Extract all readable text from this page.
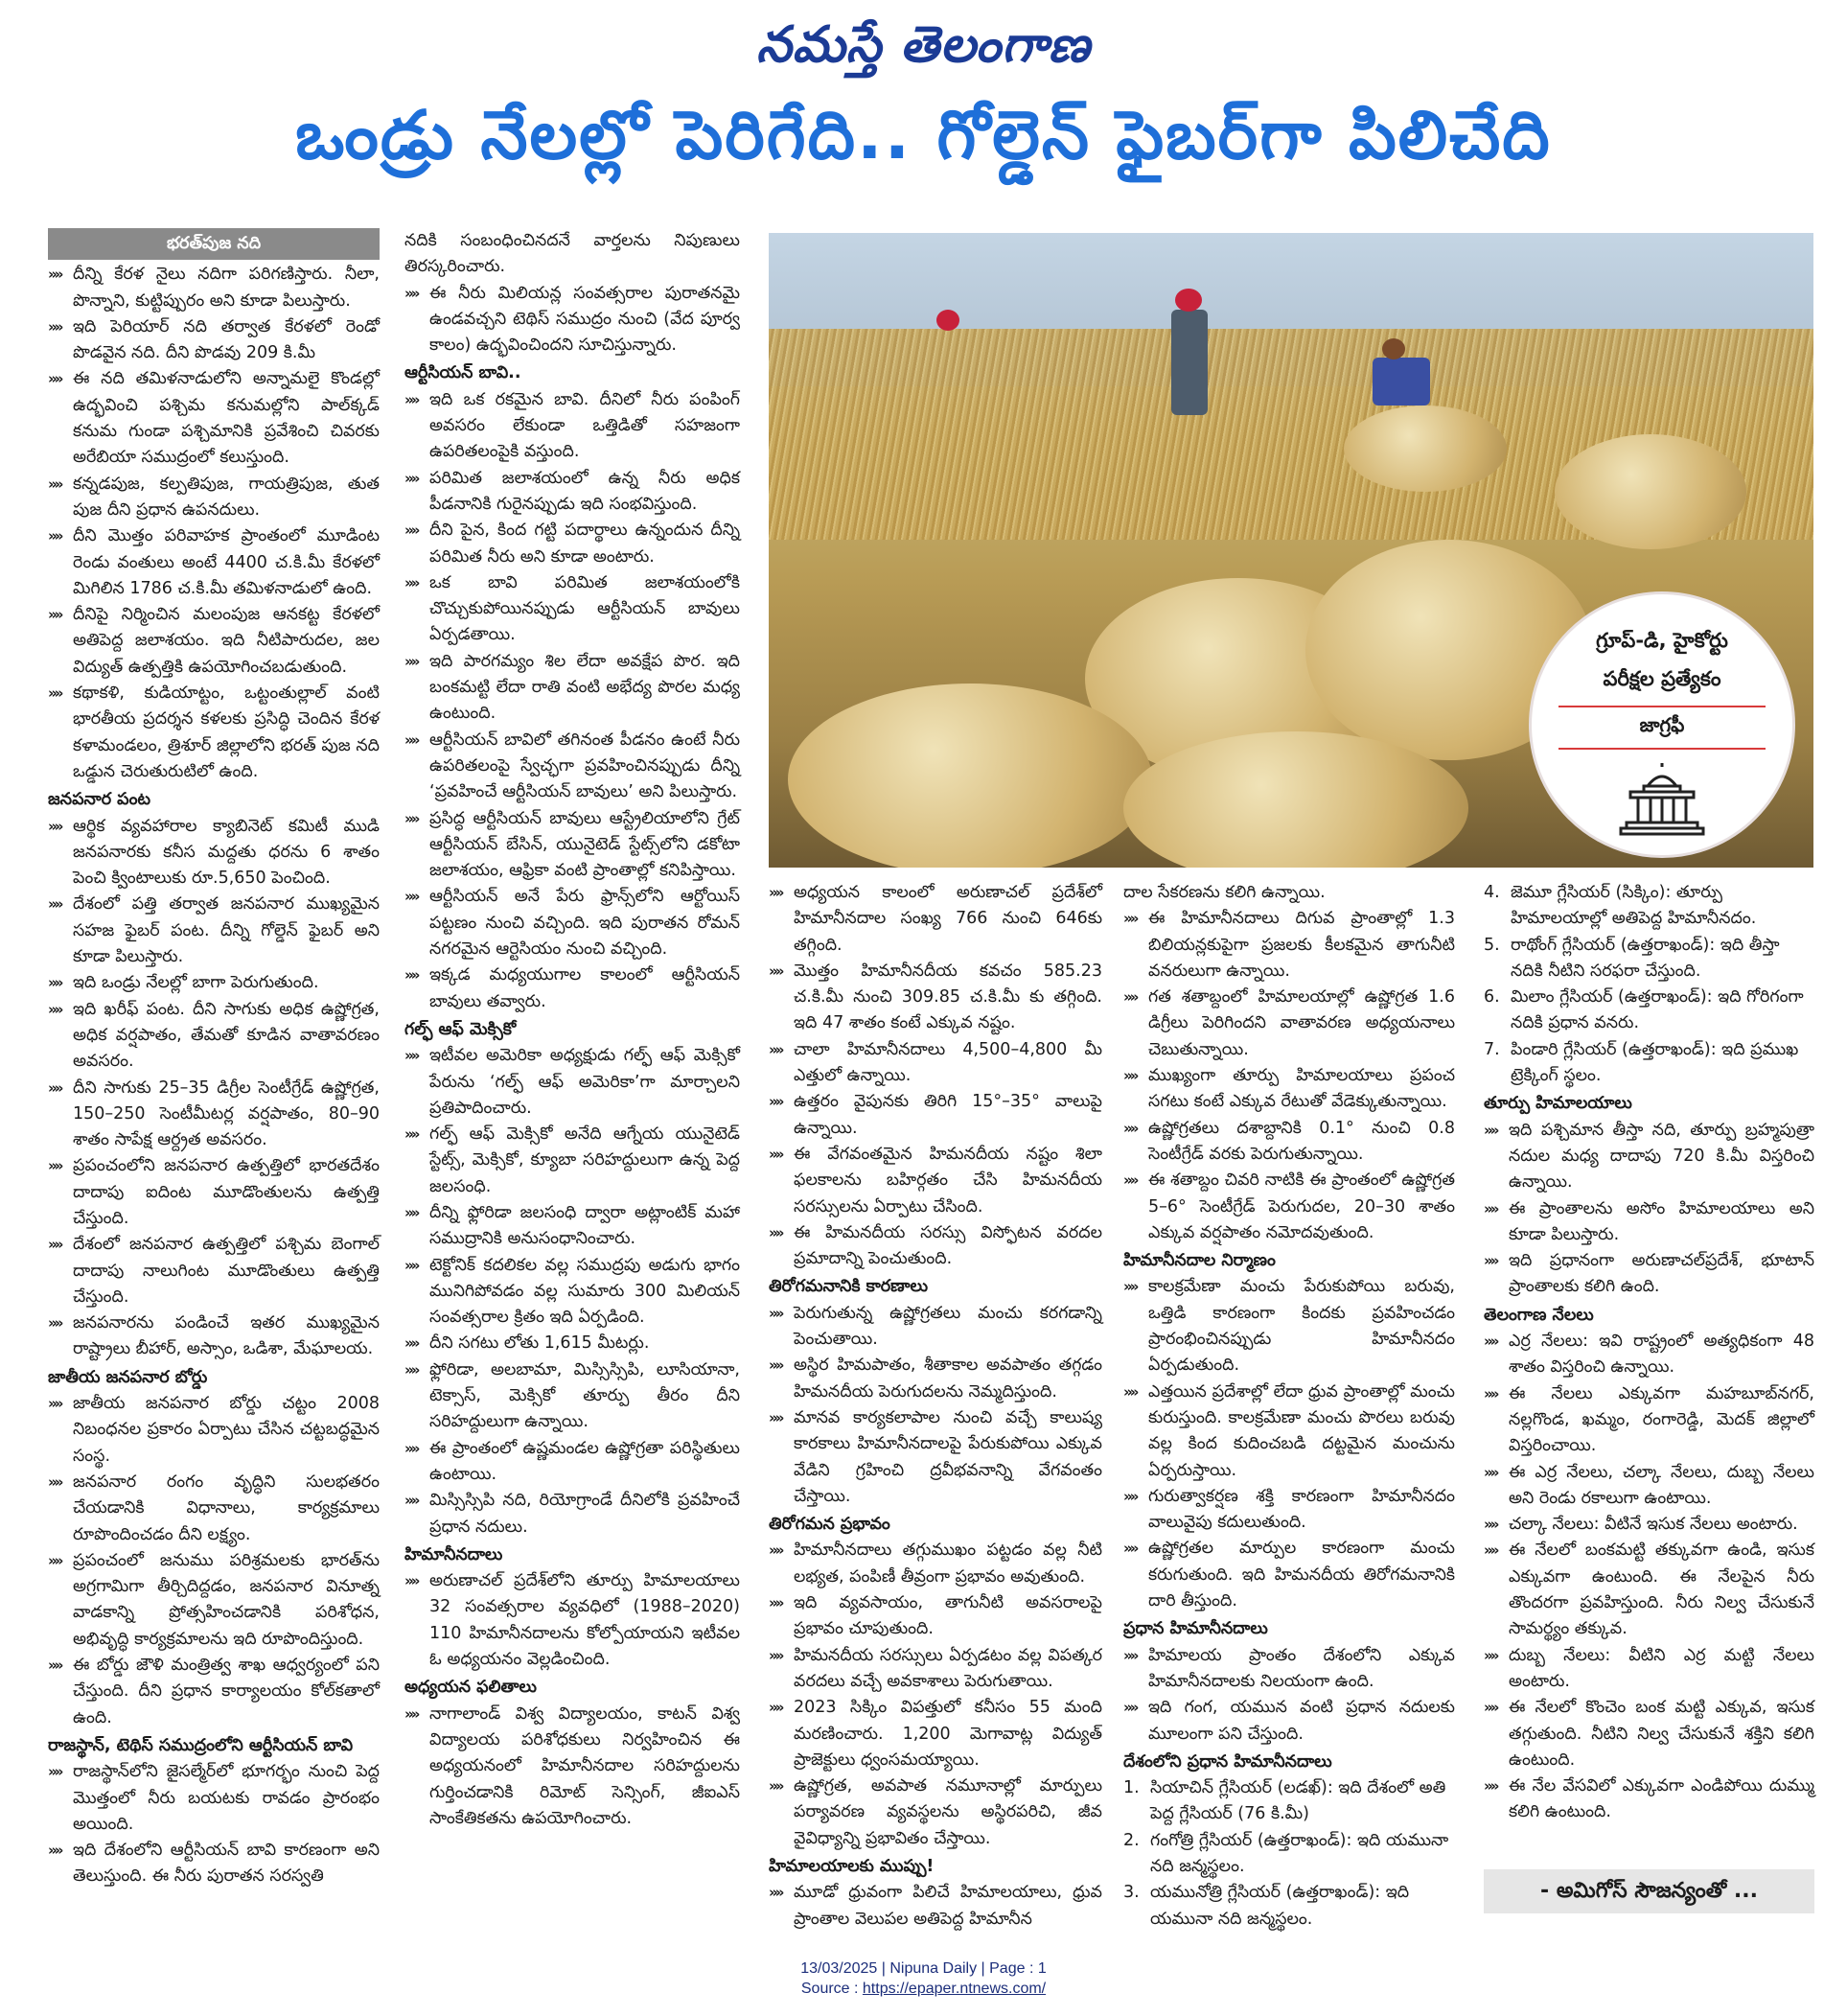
నమస్తే తెలంగాణ
ఒండ్రు నేలల్లో పెరిగేది.. గోల్డెన్ ఫైబర్‌గా పిలిచేది

భరత్‌పుజ నది

»» దీన్ని కేరళ నైలు నదిగా పరిగణిస్తారు. నీలా, పొన్నాని, కుట్టిప్పురం అని కూడా పిలుస్తారు.

»» ఇది పెరియార్ నది తర్వాత కేరళలో రెండో పొడవైన నది. దీని పొడవు 209 కి.మీ

»» ఈ నది తమిళనాడులోని అన్నామలై కొండల్లో ఉద్భవించి పశ్చిమ కనుమల్లోని పాల్‌క్కడ్ కనుమ గుండా పశ్చిమానికి ప్రవేశించి చివరకు అరేబియా సముద్రంలో కలుస్తుంది.

»» కన్నడపుజ, కల్పతిపుజ, గాయత్రిపుజ, తుత పుజ దీని ప్రధాన ఉపనదులు.

»» దీని మొత్తం పరివాహక ప్రాంతంలో మూడింట రెండు వంతులు అంటే 4400 చ.కి.మీ కేరళలో మిగిలిన 1786 చ.కి.మీ తమిళనాడులో ఉంది.

»» దీనిపై నిర్మించిన మలంపుజ ఆనకట్ట కేరళలో అతిపెద్ద జలాశయం. ఇది నీటిపారుదల, జల విద్యుత్ ఉత్పత్తికి ఉపయోగించబడుతుంది.

»» కథాకళి, కుడియాట్టం, ఒట్టంతుల్లాల్ వంటి భారతీయ ప్రదర్శన కళలకు ప్రసిద్ధి చెందిన కేరళ కళామండలం, త్రిశూర్ జిల్లాలోని భరత్ పుజ నది ఒడ్డున చెరుతురుటిలో ఉంది.

జనపనార పంట

»» ఆర్థిక వ్యవహారాల క్యాబినెట్ కమిటీ ముడి జనపనారకు కనీస మద్దతు ధరను 6 శాతం పెంచి క్వింటాలుకు రూ.5,650 పెంచింది.

»» దేశంలో పత్తి తర్వాత జనపనార ముఖ్యమైన సహజ ఫైబర్ పంట. దీన్ని గోల్డెన్ ఫైబర్ అని కూడా పిలుస్తారు.

»» ఇది ఒండ్రు నేలల్లో బాగా పెరుగుతుంది.

»» ఇది ఖరీఫ్ పంట. దీని సాగుకు అధిక ఉష్ణోగ్రత, అధిక వర్షపాతం, తేమతో కూడిన వాతావరణం అవసరం.

»» దీని సాగుకు 25–35 డిగ్రీల సెంటీగ్రేడ్ ఉష్ణోగ్రత, 150–250 సెంటీమీటర్ల వర్షపాతం, 80–90 శాతం సాపేక్ష ఆర్ద్రత అవసరం.

»» ప్రపంచంలోని జనపనార ఉత్పత్తిలో భారతదేశం దాదాపు ఐదింట మూడొంతులను ఉత్పత్తి చేస్తుంది.

»» దేశంలో జనపనార ఉత్పత్తిలో పశ్చిమ బెంగాల్ దాదాపు నాలుగింట మూడొంతులు ఉత్పత్తి చేస్తుంది.

»» జనపనారను పండించే ఇతర ముఖ్యమైన రాష్ట్రాలు బీహార్, అస్సాం, ఒడిశా, మేఘాలయ.

జాతీయ జనపనార బోర్డు

»» జాతీయ జనపనార బోర్డు చట్టం 2008 నిబంధనల ప్రకారం ఏర్పాటు చేసిన చట్టబద్ధమైన సంస్థ.

»» జనపనార రంగం వృద్ధిని సులభతరం చేయడానికి విధానాలు, కార్యక్రమాలు రూపొందించడం దీని లక్ష్యం.

»» ప్రపంచంలో జనుము పరిశ్రమలకు భారత్‌ను అగ్రగామిగా తీర్చిదిద్దడం, జనపనార వినూత్న వాడకాన్ని ప్రోత్సహించడానికి పరిశోధన, అభివృద్ధి కార్యక్రమాలను ఇది రూపొందిస్తుంది.

»» ఈ బోర్డు జౌళి మంత్రిత్వ శాఖ ఆధ్వర్యంలో పని చేస్తుంది. దీని ప్రధాన కార్యాలయం కోల్‌కతాలో ఉంది.

రాజస్థాన్, టెథిస్ సముద్రంలోని ఆర్టీసియన్ బావి

»» రాజస్థాన్‌లోని జైసల్మేర్‌లో భూగర్భం నుంచి పెద్ద మొత్తంలో నీరు బయటకు రావడం ప్రారంభం అయింది.

»» ఇది దేశంలోని ఆర్టీసియన్ బావి కారణంగా అని తెలుస్తుంది. ఈ నీరు పురాతన సరస్వతి

నదికి సంబంధించినదనే వార్తలను నిపుణులు తిరస్కరించారు.

»» ఈ నీరు మిలియన్ల సంవత్సరాల పురాతనమై ఉండవచ్చని టెథిస్ సముద్రం నుంచి (వేద పూర్వ కాలం) ఉద్భవించిందని సూచిస్తున్నారు.

ఆర్టీసియన్ బావి..

»» ఇది ఒక రకమైన బావి. దీనిలో నీరు పంపింగ్ అవసరం లేకుండా ఒత్తిడితో సహజంగా ఉపరితలంపైకి వస్తుంది.

»» పరిమిత జలాశయంలో ఉన్న నీరు అధిక పీడనానికి గురైనప్పుడు ఇది సంభవిస్తుంది.

»» దీని పైన, కింద గట్టి పదార్థాలు ఉన్నందున దీన్ని పరిమిత నీరు అని కూడా అంటారు.

»» ఒక బావి పరిమిత జలాశయంలోకి చొచ్చుకుపోయినప్పుడు ఆర్టీసియన్ బావులు ఏర్పడతాయి.

»» ఇది పారగమ్యం శిల లేదా అవక్షేప పొర. ఇది బంకమట్టి లేదా రాతి వంటి అభేద్య పొరల మధ్య ఉంటుంది.

»» ఆర్టీసియన్ బావిలో తగినంత పీడనం ఉంటే నీరు ఉపరితలంపై స్వేచ్ఛగా ప్రవహించినప్పుడు దీన్ని ‘ప్రవహించే ఆర్టీసియన్ బావులు’ అని పిలుస్తారు.

»» ప్రసిద్ధ ఆర్టీసియన్ బావులు ఆస్ట్రేలియాలోని గ్రేట్ ఆర్టీసియన్ బేసిన్, యునైటెడ్ స్టేట్స్‌లోని డకోటా జలాశయం, ఆఫ్రికా వంటి ప్రాంతాల్లో కనిపిస్తాయి.

»» ఆర్టీసియన్ అనే పేరు ఫ్రాన్స్‌లోని ఆర్టోయిస్ పట్టణం నుంచి వచ్చింది. ఇది పురాతన రోమన్ నగరమైన ఆర్టెసియం నుంచి వచ్చింది.

»» ఇక్కడ మధ్యయుగాల కాలంలో ఆర్టీసియన్ బావులు తవ్వారు.

గల్ఫ్ ఆఫ్ మెక్సికో

»» ఇటీవల అమెరికా అధ్యక్షుడు గల్ఫ్ ఆఫ్ మెక్సికో పేరును ‘గల్ఫ్ ఆఫ్ అమెరికా’గా మార్చాలని ప్రతిపాదించారు.

»» గల్ఫ్ ఆఫ్ మెక్సికో అనేది ఆగ్నేయ యునైటెడ్ స్టేట్స్, మెక్సికో, క్యూబా సరిహద్దులుగా ఉన్న పెద్ద జలసంధి.

»» దీన్ని ఫ్లోరిడా జలసంధి ద్వారా అట్లాంటిక్ మహా సముద్రానికి అనుసంధానించారు.

»» టెక్టోనిక్ కదలికల వల్ల సముద్రపు అడుగు భాగం మునిగిపోవడం వల్ల సుమారు 300 మిలియన్ సంవత్సరాల క్రితం ఇది ఏర్పడింది.

»» దీని సగటు లోతు 1,615 మీటర్లు.

»» ఫ్లోరిడా, అలబామా, మిస్సిస్సిపి, లూసియానా, టెక్సాస్, మెక్సికో తూర్పు తీరం దీని సరిహద్దులుగా ఉన్నాయి.

»» ఈ ప్రాంతంలో ఉష్ణమండల ఉష్ణోగ్రతా పరిస్థితులు ఉంటాయి.

»» మిస్సిస్సిపి నది, రియోగ్రాండే దీనిలోకి ప్రవహించే ప్రధాన నదులు.

హిమానీనదాలు

»» అరుణాచల్ ప్రదేశ్‌లోని తూర్పు హిమాలయాలు 32 సంవత్సరాల వ్యవధిలో (1988–2020) 110 హిమానీనదాలను కోల్పోయాయని ఇటీవల ఓ అధ్యయనం వెల్లడించింది.

అధ్యయన ఫలితాలు

»» నాగాలాండ్ విశ్వ విద్యాలయం, కాటన్ విశ్వ విద్యాలయ పరిశోధకులు నిర్వహించిన ఈ అధ్యయనంలో హిమానీనదాల సరిహద్దులను గుర్తించడానికి రిమోట్ సెన్సింగ్, జీఐఎస్ సాంకేతికతను ఉపయోగించారు.

గ్రూప్-డి, హైకోర్టు
పరీక్షల ప్రత్యేకం
జాగ్రఫీ

»» అధ్యయన కాలంలో అరుణాచల్ ప్రదేశ్‌లో హిమానీనదాల సంఖ్య 766 నుంచి 646కు తగ్గింది.

»» మొత్తం హిమానీనదీయ కవచం 585.23 చ.కి.మీ నుంచి 309.85 చ.కి.మీ కు తగ్గింది. ఇది 47 శాతం కంటే ఎక్కువ నష్టం.

»» చాలా హిమానీనదాలు 4,500–4,800 మీ ఎత్తులో ఉన్నాయి.

»» ఉత్తరం వైపునకు తిరిగి 15°–35° వాలుపై ఉన్నాయి.

»» ఈ వేగవంతమైన హిమనదీయ నష్టం శిలా ఫలకాలను బహిర్గతం చేసి హిమనదీయ సరస్సులను ఏర్పాటు చేసింది.

»» ఈ హిమనదీయ సరస్సు విస్ఫోటన వరదల ప్రమాదాన్ని పెంచుతుంది.

తిరోగమనానికి కారణాలు

»» పెరుగుతున్న ఉష్ణోగ్రతలు మంచు కరగడాన్ని పెంచుతాయి.

»» అస్థిర హిమపాతం, శీతాకాల అవపాతం తగ్గడం హిమనదీయ పెరుగుదలను నెమ్మదిస్తుంది.

»» మానవ కార్యకలాపాల నుంచి వచ్చే కాలుష్య కారకాలు హిమానీనదాలపై పేరుకుపోయి ఎక్కువ వేడిని గ్రహించి ద్రవీభవనాన్ని వేగవంతం చేస్తాయి.

తిరోగమన ప్రభావం

»» హిమానీనదాలు తగ్గుముఖం పట్టడం వల్ల నీటి లభ్యత, పంపిణీ తీవ్రంగా ప్రభావం అవుతుంది.

»» ఇది వ్యవసాయం, తాగునీటి అవసరాలపై ప్రభావం చూపుతుంది.

»» హిమనదీయ సరస్సులు ఏర్పడటం వల్ల విపత్కర వరదలు వచ్చే అవకాశాలు పెరుగుతాయి.

»» 2023 సిక్కిం విపత్తులో కనీసం 55 మంది మరణించారు. 1,200 మెగావాట్ల విద్యుత్ ప్రాజెక్టులు ధ్వంసమయ్యాయి.

»» ఉష్ణోగ్రత, అవపాత నమూనాల్లో మార్పులు పర్యావరణ వ్యవస్థలను అస్థిరపరిచి, జీవ వైవిధ్యాన్ని ప్రభావితం చేస్తాయి.

హిమాలయాలకు ముప్పు!

»» మూడో ధ్రువంగా పిలిచే హిమాలయాలు, ధ్రువ ప్రాంతాల వెలుపల అతిపెద్ద హిమానీన

దాల సేకరణను కలిగి ఉన్నాయి.

»» ఈ హిమానీనదాలు దిగువ ప్రాంతాల్లో 1.3 బిలియన్లకుపైగా ప్రజలకు కీలకమైన తాగునీటి వనరులుగా ఉన్నాయి.

»» గత శతాబ్దంలో హిమాలయాల్లో ఉష్ణోగ్రత 1.6 డిగ్రీలు పెరిగిందని వాతావరణ అధ్యయనాలు చెబుతున్నాయి.

»» ముఖ్యంగా తూర్పు హిమాలయాలు ప్రపంచ సగటు కంటే ఎక్కువ రేటుతో వేడెక్కుతున్నాయి.

»» ఉష్ణోగ్రతలు దశాబ్దానికి 0.1° నుంచి 0.8 సెంటీగ్రేడ్ వరకు పెరుగుతున్నాయి.

»» ఈ శతాబ్దం చివరి నాటికి ఈ ప్రాంతంలో ఉష్ణోగ్రత 5–6° సెంటీగ్రేడ్ పెరుగుదల, 20–30 శాతం ఎక్కువ వర్షపాతం నమోదవుతుంది.

హిమానీనదాల నిర్మాణం

»» కాలక్రమేణా మంచు పేరుకుపోయి బరువు, ఒత్తిడి కారణంగా కిందకు ప్రవహించడం ప్రారంభించినప్పుడు హిమానీనదం ఏర్పడుతుంది.

»» ఎత్తయిన ప్రదేశాల్లో లేదా ధ్రువ ప్రాంతాల్లో మంచు కురుస్తుంది. కాలక్రమేణా మంచు పొరలు బరువు వల్ల కింద కుదించబడి దట్టమైన మంచును ఏర్పరుస్తాయి.

»» గురుత్వాకర్షణ శక్తి కారణంగా హిమానీనదం వాలువైపు కదులుతుంది.

»» ఉష్ణోగ్రతల మార్పుల కారణంగా మంచు కరుగుతుంది. ఇది హిమనదీయ తిరోగమనానికి దారి తీస్తుంది.

ప్రధాన హిమానీనదాలు

»» హిమాలయ ప్రాంతం దేశంలోని ఎక్కువ హిమానీనదాలకు నిలయంగా ఉంది.

»» ఇది గంగ, యమున వంటి ప్రధాన నదులకు మూలంగా పని చేస్తుంది.

దేశంలోని ప్రధాన హిమానీనదాలు

1. సియాచిన్ గ్లేసియర్ (లడఖ్): ఇది దేశంలో అతి పెద్ద గ్లేసియర్ (76 కి.మీ)

2. గంగోత్రి గ్లేసియర్ (ఉత్తరాఖండ్): ఇది యమునా నది జన్మస్థలం.

3. యమునోత్రి గ్లేసియర్ (ఉత్తరాఖండ్): ఇది యమునా నది జన్మస్థలం.

4. జెమూ గ్లేసియర్ (సిక్కిం): తూర్పు హిమాలయాల్లో అతిపెద్ద హిమానీనదం.

5. రాథోంగ్ గ్లేసియర్ (ఉత్తరాఖండ్): ఇది తీస్తా నదికి నీటిని సరఫరా చేస్తుంది.

6. మిలాం గ్లేసియర్ (ఉత్తరాఖండ్): ఇది గోరిగంగా నదికి ప్రధాన వనరు.

7. పిండారి గ్లేసియర్ (ఉత్తరాఖండ్): ఇది ప్రముఖ ట్రెక్కింగ్ స్థలం.

తూర్పు హిమాలయాలు

»» ఇది పశ్చిమాన తీస్తా నది, తూర్పు బ్రహ్మపుత్రా నదుల మధ్య దాదాపు 720 కి.మీ విస్తరించి ఉన్నాయి.

»» ఈ ప్రాంతాలను అసోం హిమాలయాలు అని కూడా పిలుస్తారు.

»» ఇది ప్రధానంగా అరుణాచల్‌ప్రదేశ్, భూటాన్ ప్రాంతాలకు కలిగి ఉంది.

తెలంగాణ నేలలు

»» ఎర్ర నేలలు: ఇవి రాష్ట్రంలో అత్యధికంగా 48 శాతం విస్తరించి ఉన్నాయి.

»» ఈ నేలలు ఎక్కువగా మహబూబ్‌నగర్, నల్లగొండ, ఖమ్మం, రంగారెడ్డి, మెదక్ జిల్లాలో విస్తరించాయి.

»» ఈ ఎర్ర నేలలు, చల్కా నేలలు, దుబ్బ నేలలు అని రెండు రకాలుగా ఉంటాయి.

»» చల్కా నేలలు: వీటినే ఇసుక నేలలు అంటారు.

»» ఈ నేలలో బంకమట్టి తక్కువగా ఉండి, ఇసుక ఎక్కువగా ఉంటుంది. ఈ నేలపైన నీరు తొందరగా ప్రవహిస్తుంది. నీరు నిల్వ చేసుకునే సామర్థ్యం తక్కువ.

»» దుబ్బ నేలలు: వీటిని ఎర్ర మట్టి నేలలు అంటారు.

»» ఈ నేలలో కొంచెం బంక మట్టి ఎక్కువ, ఇసుక తగ్గుతుంది. నీటిని నిల్వ చేసుకునే శక్తిని కలిగి ఉంటుంది.

»» ఈ నేల వేసవిలో ఎక్కువగా ఎండిపోయి దుమ్ము కలిగి ఉంటుంది.

- అమిగోస్ సౌజన్యంతో ...
13/03/2025 | Nipuna Daily | Page : 1
Source : https://epaper.ntnews.com/
